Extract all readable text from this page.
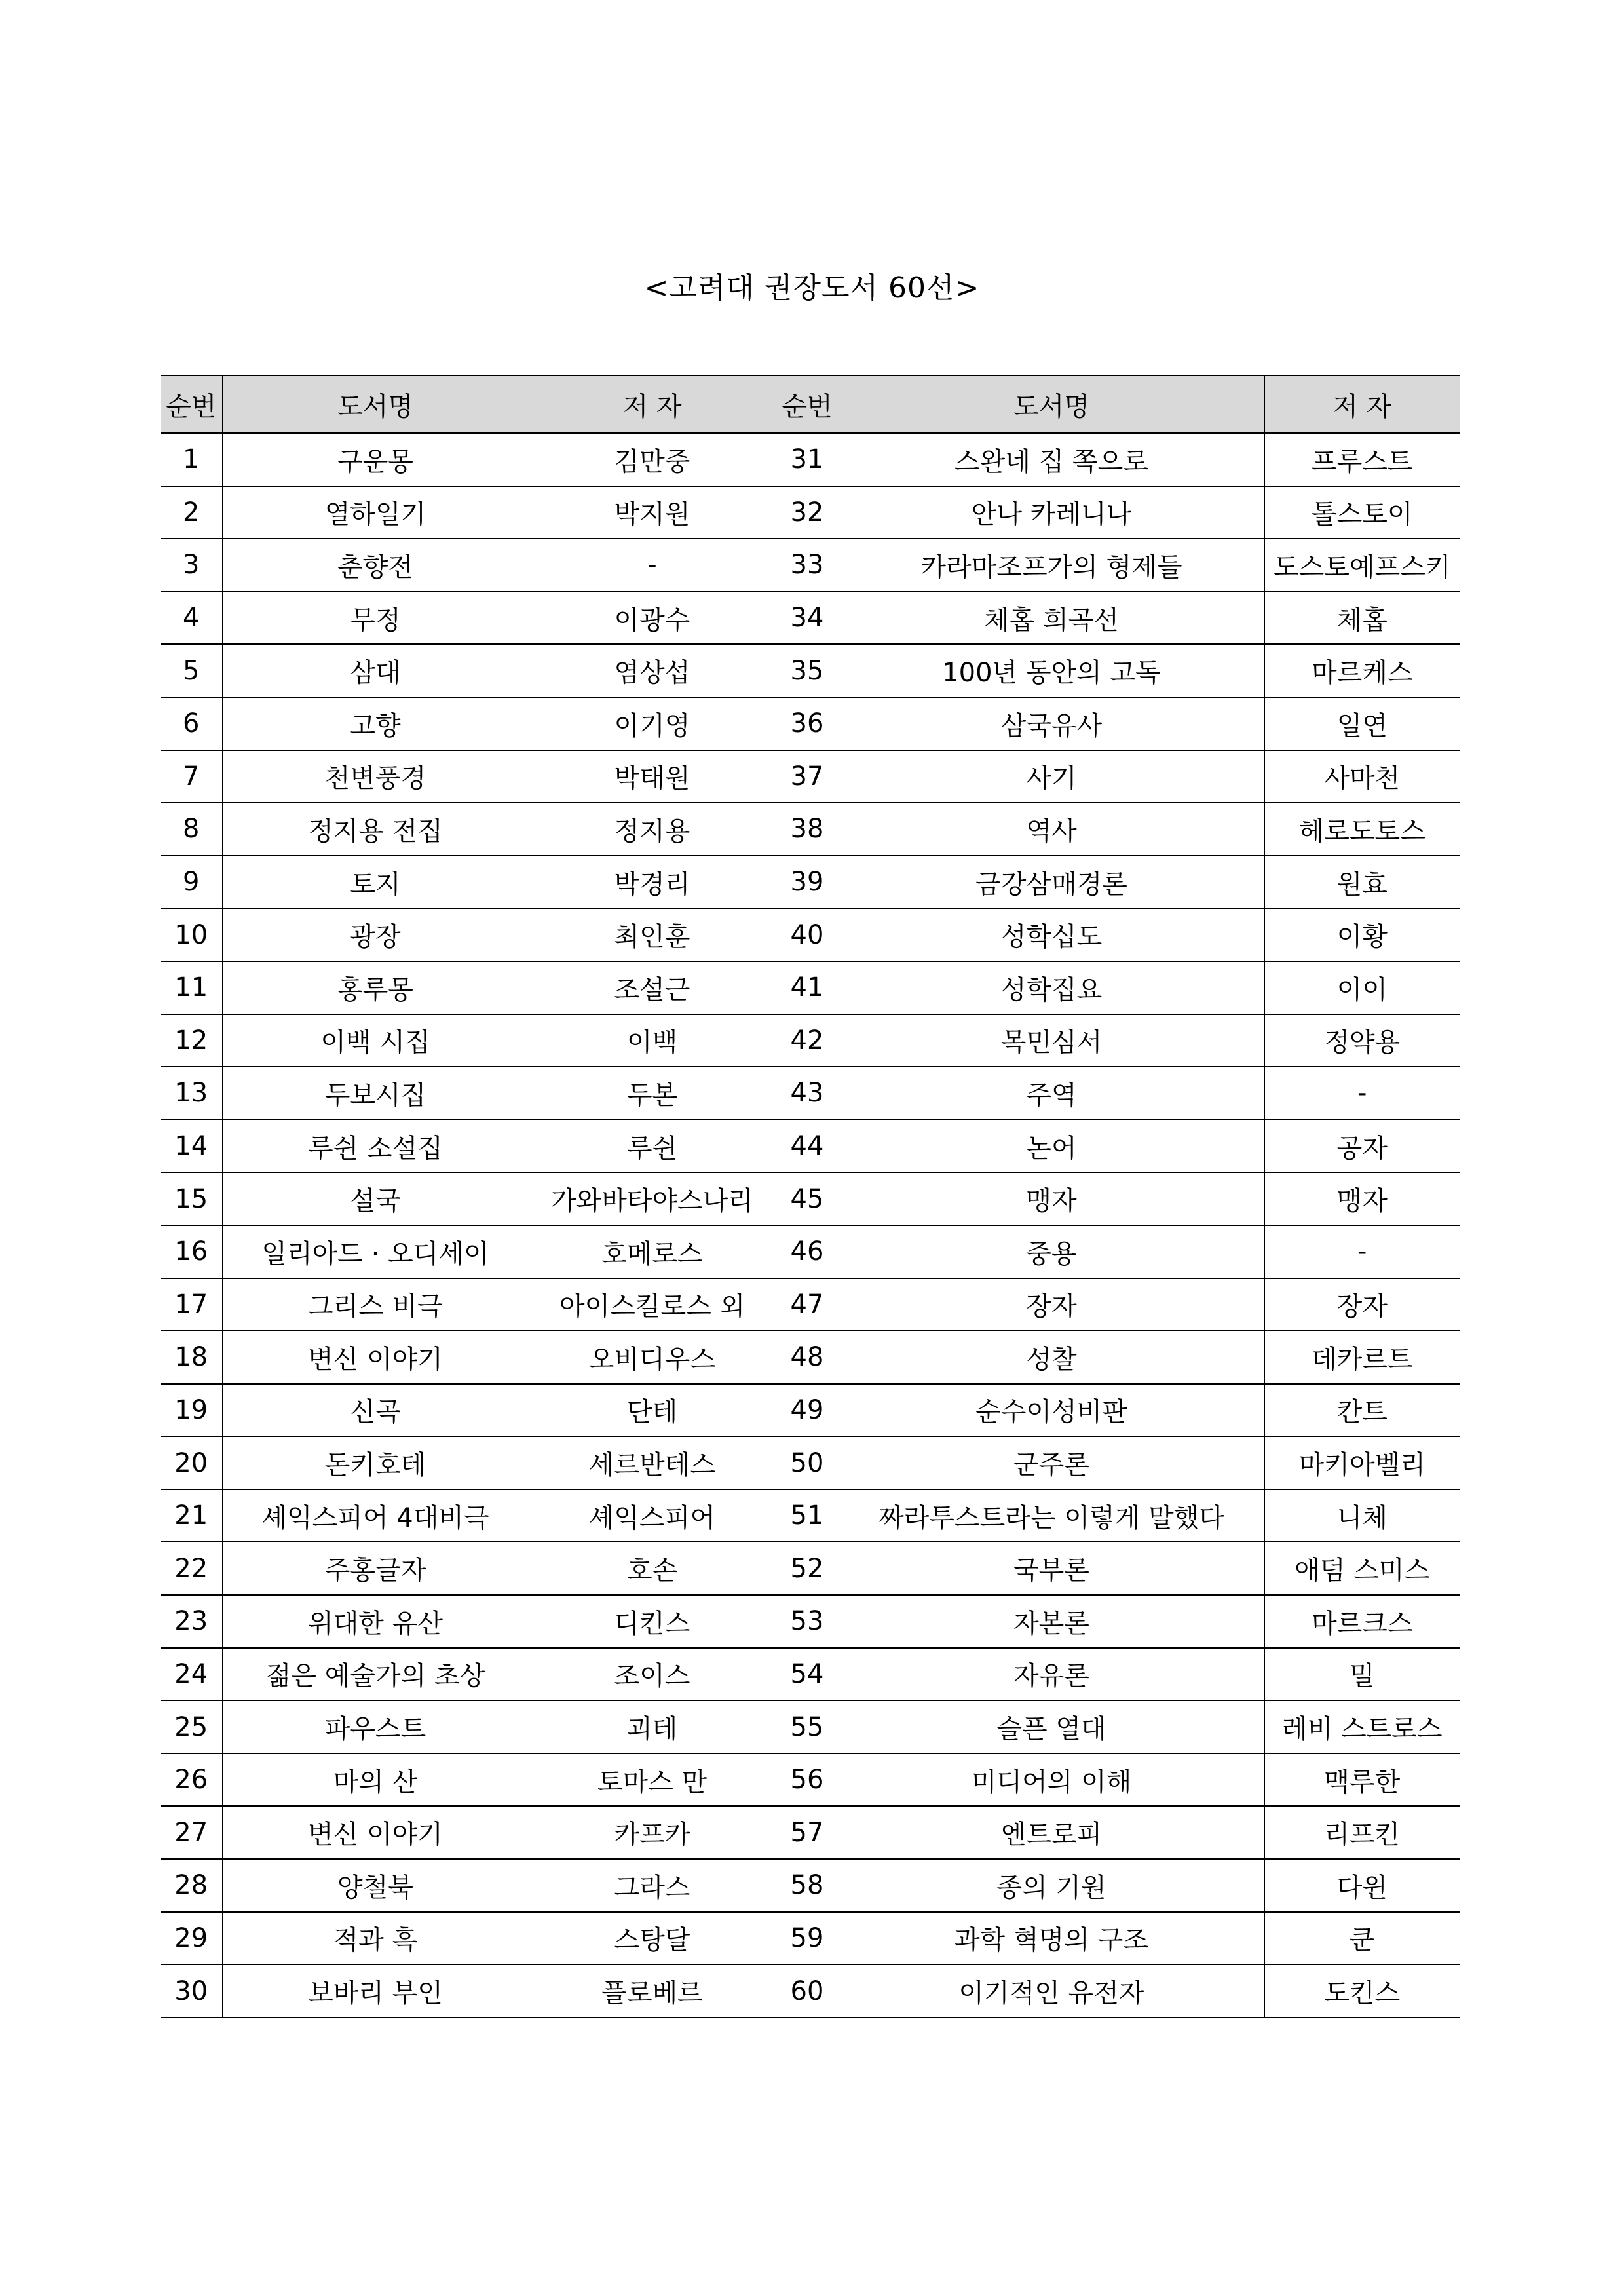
<고려대 권장도서 60선>
순번	도서명	저 자	순번	도서명	저 자
1	구운몽	김만중	31	스완네 집 쪽으로	프루스트
2	열하일기	박지원	32	안나 카레니나	톨스토이
3	춘향전	-	33	카라마조프가의 형제들	도스토예프스키
4	무정	이광수	34	체홉 희곡선	체홉
5	삼대	염상섭	35	100년 동안의 고독	마르케스
6	고향	이기영	36	삼국유사	일연
7	천변풍경	박태원	37	사기	사마천
8	정지용 전집	정지용	38	역사	헤로도토스
9	토지	박경리	39	금강삼매경론	원효
10	광장	최인훈	40	성학십도	이황
11	홍루몽	조설근	41	성학집요	이이
12	이백 시집	이백	42	목민심서	정약용
13	두보시집	두본	43	주역	-
14	루쉰 소설집	루쉰	44	논어	공자
15	설국	가와바타야스나리	45	맹자	맹자
16	일리아드 · 오디세이	호메로스	46	중용	-
17	그리스 비극	아이스킬로스 외	47	장자	장자
18	변신 이야기	오비디우스	48	성찰	데카르트
19	신곡	단테	49	순수이성비판	칸트
20	돈키호테	세르반테스	50	군주론	마키아벨리
21	셰익스피어 4대비극	셰익스피어	51	짜라투스트라는 이렇게 말했다	니체
22	주홍글자	호손	52	국부론	애덤 스미스
23	위대한 유산	디킨스	53	자본론	마르크스
24	젊은 예술가의 초상	조이스	54	자유론	밀
25	파우스트	괴테	55	슬픈 열대	레비 스트로스
26	마의 산	토마스 만	56	미디어의 이해	맥루한
27	변신 이야기	카프카	57	엔트로피	리프킨
28	양철북	그라스	58	종의 기원	다윈
29	적과 흑	스탕달	59	과학 혁명의 구조	쿤
30	보바리 부인	플로베르	60	이기적인 유전자	도킨스
